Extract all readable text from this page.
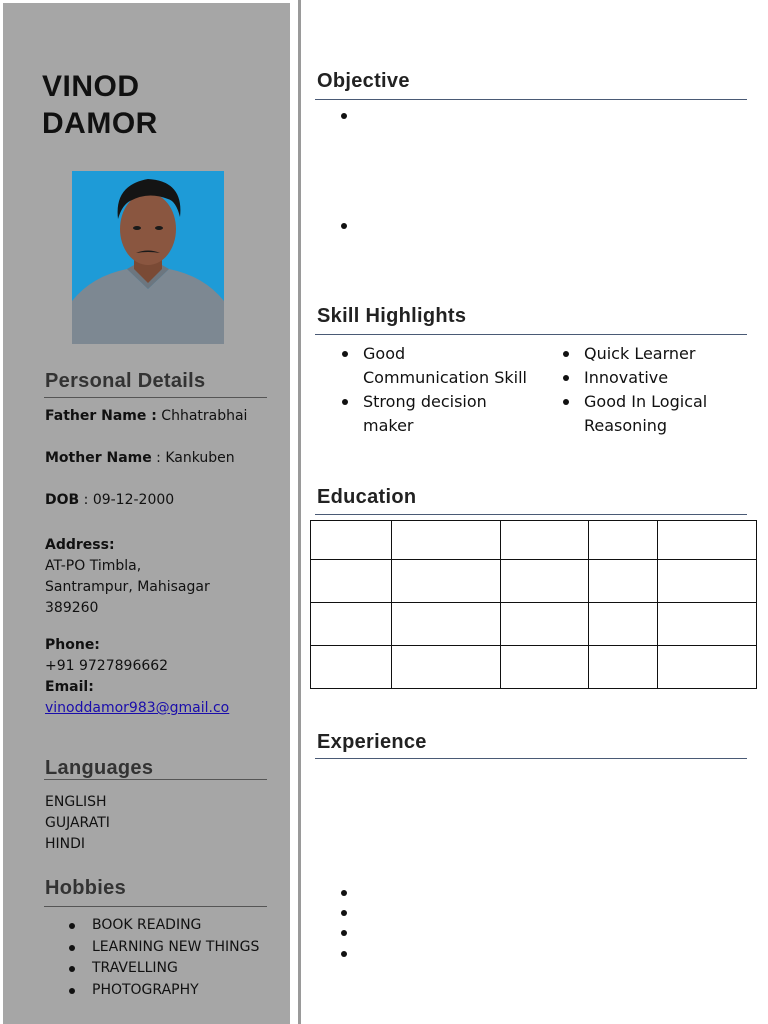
VINOD
DAMOR
Personal Details
Father Name : Chhatrabhai
Mother Name : Kankuben
DOB : 09-12-2000
Address:
AT-PO Timbla,
Santrampur, Mahisagar
389260
Phone:
+91 9727896662
Email:
vinoddamor983@gmail.co
Languages
ENGLISH
GUJARATI
HINDI
Hobbies
BOOK READING
LEARNING NEW THINGS
TRAVELLING
PHOTOGRAPHY
Objective
Skill Highlights
Good Communication Skill
Strong decision maker
Quick Learner
Innovative
Good In Logical Reasoning
Education

Experience
